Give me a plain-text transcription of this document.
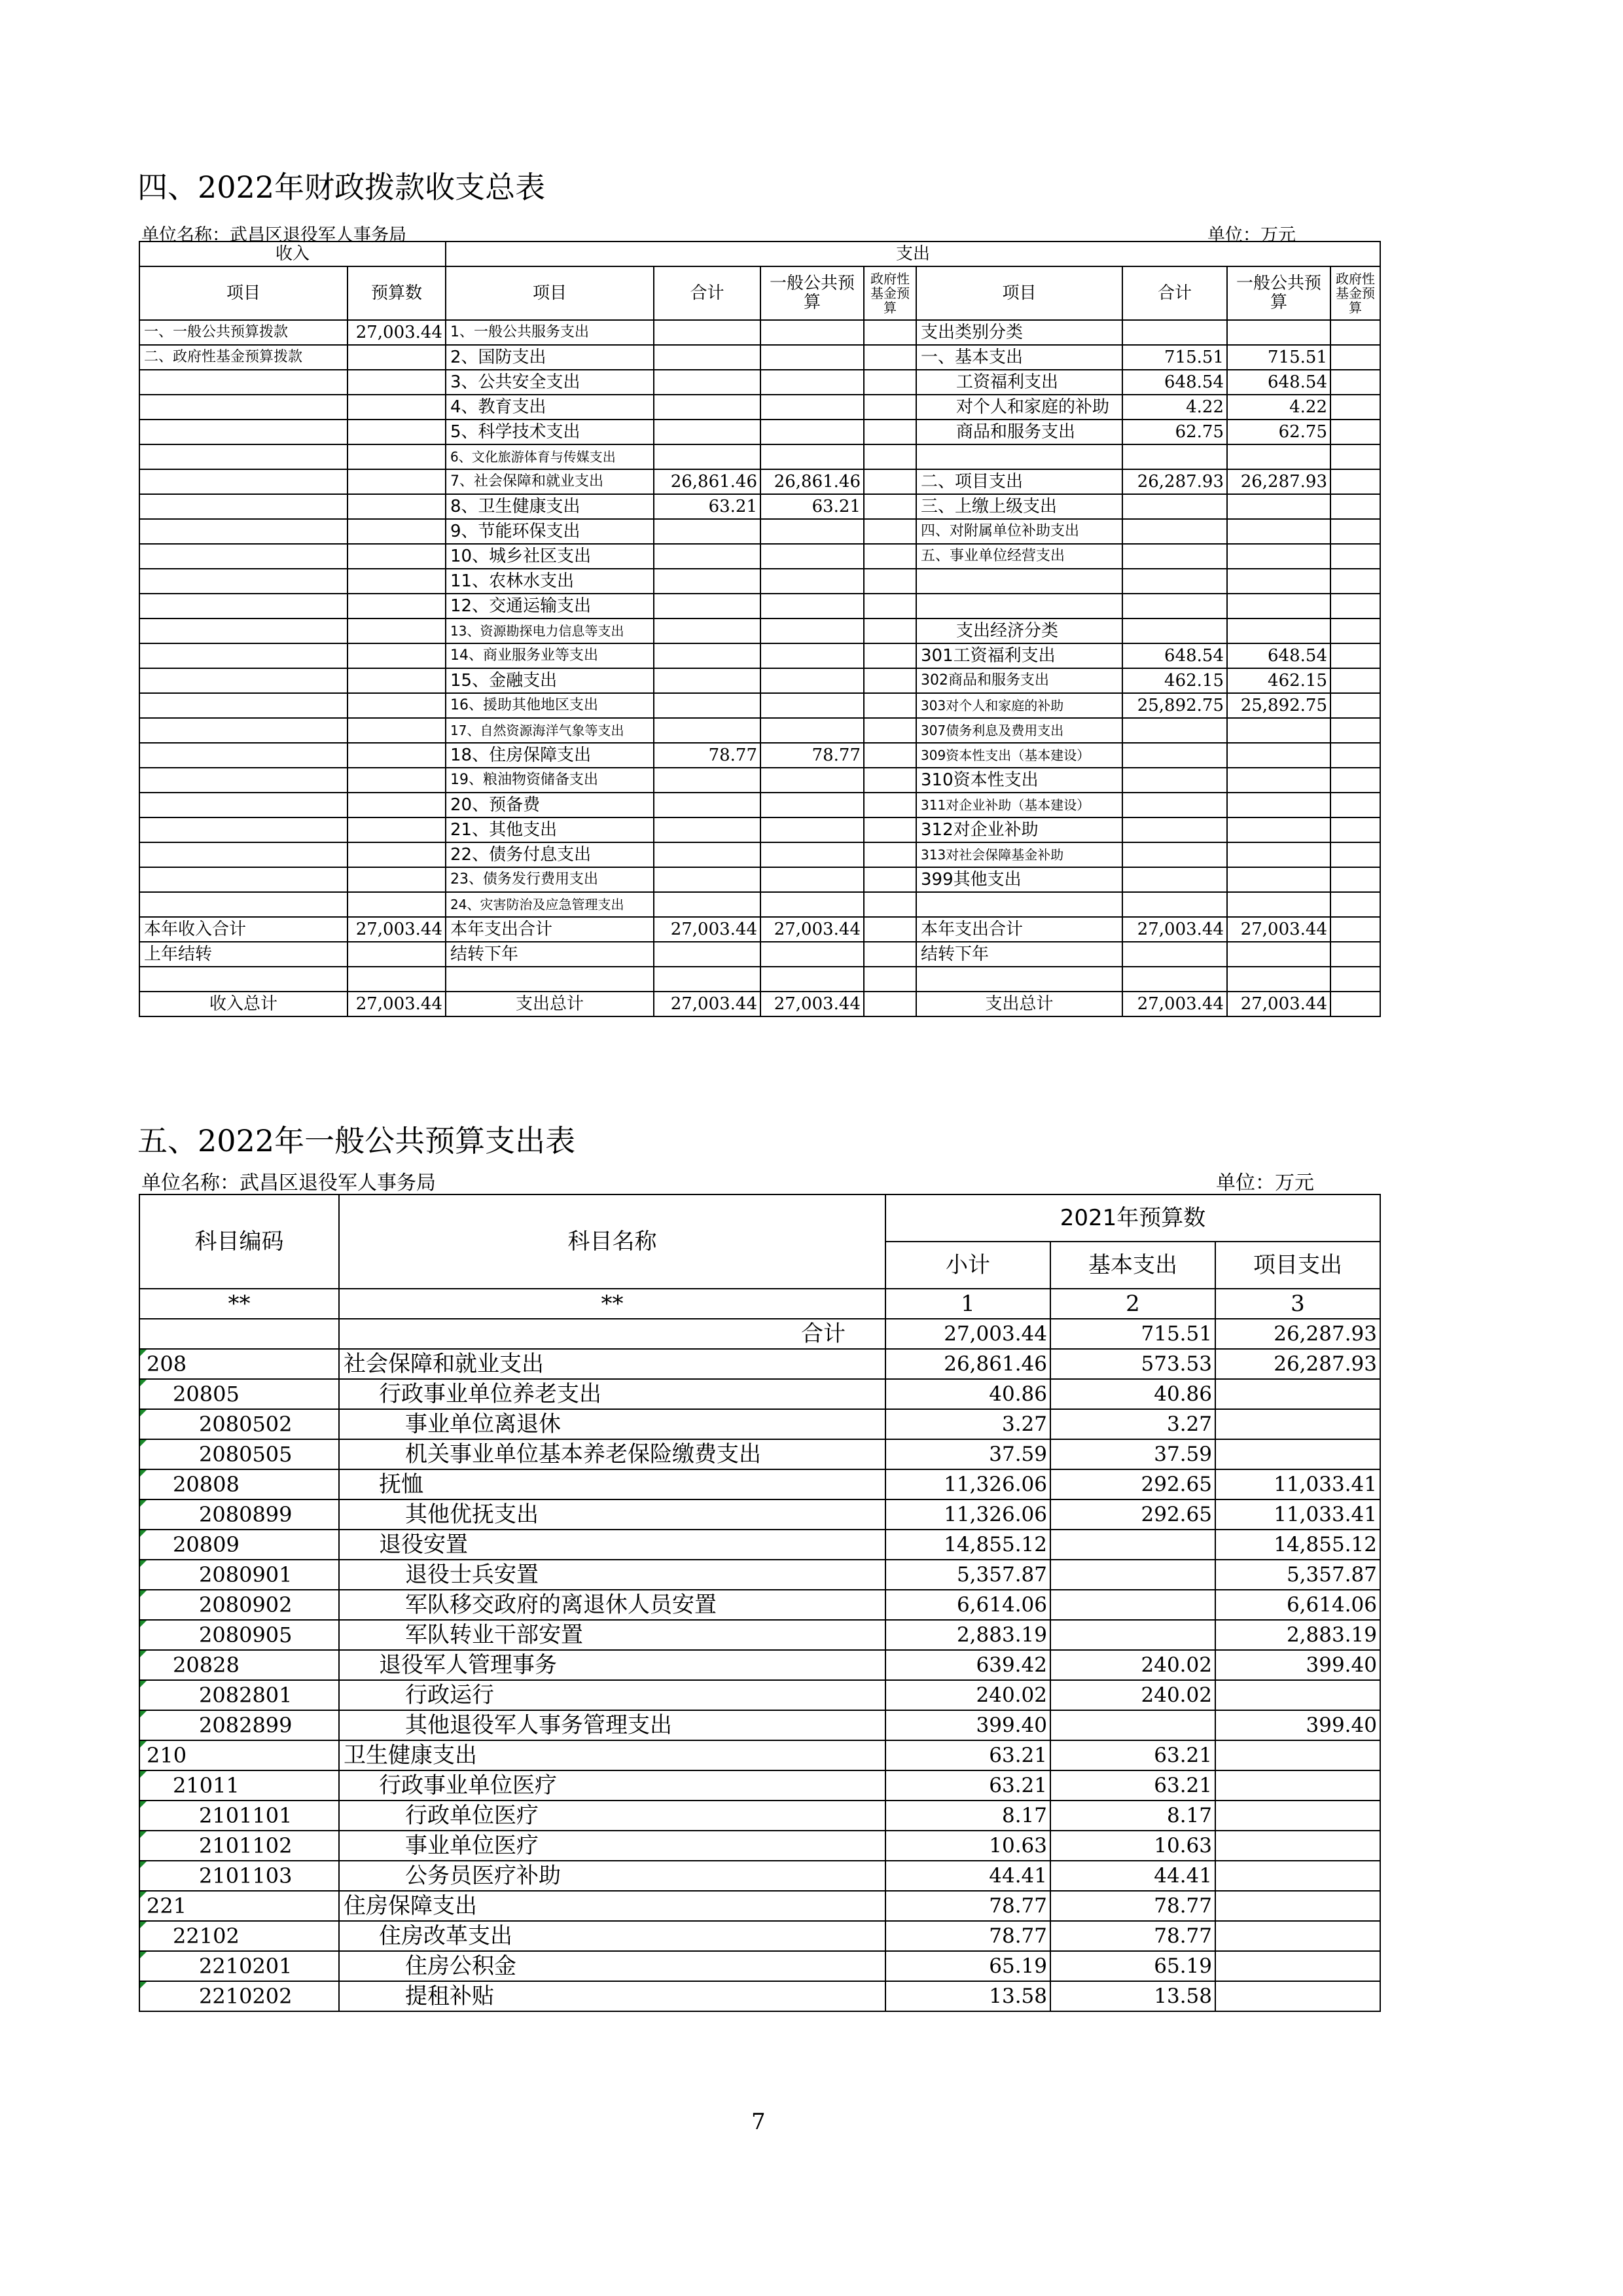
四、2022年财政拨款收支总表
单位名称：武昌区退役军人事务局	单位：万元
收入		支出							
项目	预算数	项目	合计	一般公共预算	政府性基金预算	项目	合计	一般公共预算	政府性基金预算
一、一般公共预算拨款	27,003.44	1、一般公共服务支出				支出类别分类			
二、政府性基金预算拨款		2、国防支出				一、基本支出	715.51	715.51	
		3、公共安全支出				工资福利支出	648.54	648.54	
		4、教育支出				对个人和家庭的补助	4.22	4.22	
		5、科学技术支出				商品和服务支出	62.75	62.75	
		6、文化旅游体育与传媒支出							
		7、社会保障和就业支出	26,861.46	26,861.46		二、项目支出	26,287.93	26,287.93	
		8、卫生健康支出	63.21	63.21		三、上缴上级支出			
		9、节能环保支出				四、对附属单位补助支出			
		10、城乡社区支出				五、事业单位经营支出			
		11、农林水支出							
		12、交通运输支出							
		13、资源勘探电力信息等支出				支出经济分类			
		14、商业服务业等支出				301工资福利支出	648.54	648.54	
		15、金融支出				302商品和服务支出	462.15	462.15	
		16、援助其他地区支出				303对个人和家庭的补助	25,892.75	25,892.75	
		17、自然资源海洋气象等支出				307债务利息及费用支出			
		18、住房保障支出	78.77	78.77		309资本性支出（基本建设）			
		19、粮油物资储备支出				310资本性支出			
		20、预备费				311对企业补助（基本建设）			
		21、其他支出				312对企业补助			
		22、债务付息支出				313对社会保障基金补助			
		23、债务发行费用支出				399其他支出			
		24、灾害防治及应急管理支出							
本年收入合计	27,003.44	本年支出合计	27,003.44	27,003.44		本年支出合计	27,003.44	27,003.44	
上年结转		结转下年				结转下年			

收入总计	27,003.44	支出总计	27,003.44	27,003.44		支出总计	27,003.44	27,003.44	
五、2022年一般公共预算支出表
单位名称：武昌区退役军人事务局	单位：万元
科目编码	科目名称	2021年预算数		
		小计	基本支出	项目支出
**	**	1	2	3
	合计	27,003.44	715.51	26,287.93

208	社会保障和就业支出	26,861.46	573.53	26,287.93

20805	行政事业单位养老支出	40.86	40.86	

2080502	事业单位离退休	3.27	3.27	

2080505	机关事业单位基本养老保险缴费支出	37.59	37.59	

20808	抚恤	11,326.06	292.65	11,033.41

2080899	其他优抚支出	11,326.06	292.65	11,033.41

20809	退役安置	14,855.12		14,855.12

2080901	退役士兵安置	5,357.87		5,357.87

2080902	军队移交政府的离退休人员安置	6,614.06		6,614.06

2080905	军队转业干部安置	2,883.19		2,883.19

20828	退役军人管理事务	639.42	240.02	399.40

2082801	行政运行	240.02	240.02	

2082899	其他退役军人事务管理支出	399.40		399.40

210	卫生健康支出	63.21	63.21	

21011	行政事业单位医疗	63.21	63.21	

2101101	行政单位医疗	8.17	8.17	

2101102	事业单位医疗	10.63	10.63	

2101103	公务员医疗补助	44.41	44.41	

221	住房保障支出	78.77	78.77	

22102	住房改革支出	78.77	78.77	

2210201	住房公积金	65.19	65.19	

2210202	提租补贴	13.58	13.58	
7
